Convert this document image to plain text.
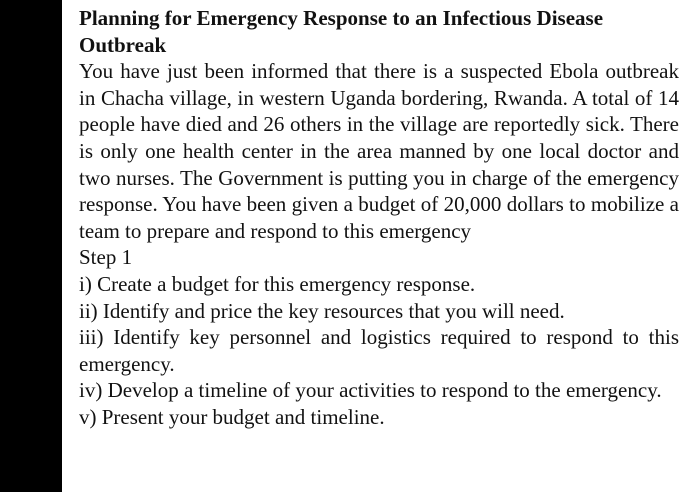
Planning for Emergency Response to an Infectious Disease Outbreak

You have just been informed that there is a suspected Ebola outbreak in Chacha village, in western Uganda bordering, Rwanda. A total of 14 people have died and 26 others in the village are reportedly sick. There is only one health center in the area manned by one local doctor and two nurses. The Government is putting you in charge of the emergency response. You have been given a budget of 20,000 dollars to mobilize a team to prepare and respond to this emergency

Step 1

i) Create a budget for this emergency response.
ii) Identify and price the key resources that you will need.
iii) Identify key personnel and logistics required to respond to this emergency.
iv) Develop a timeline of your activities to respond to the emergency.
v) Present your budget and timeline.
